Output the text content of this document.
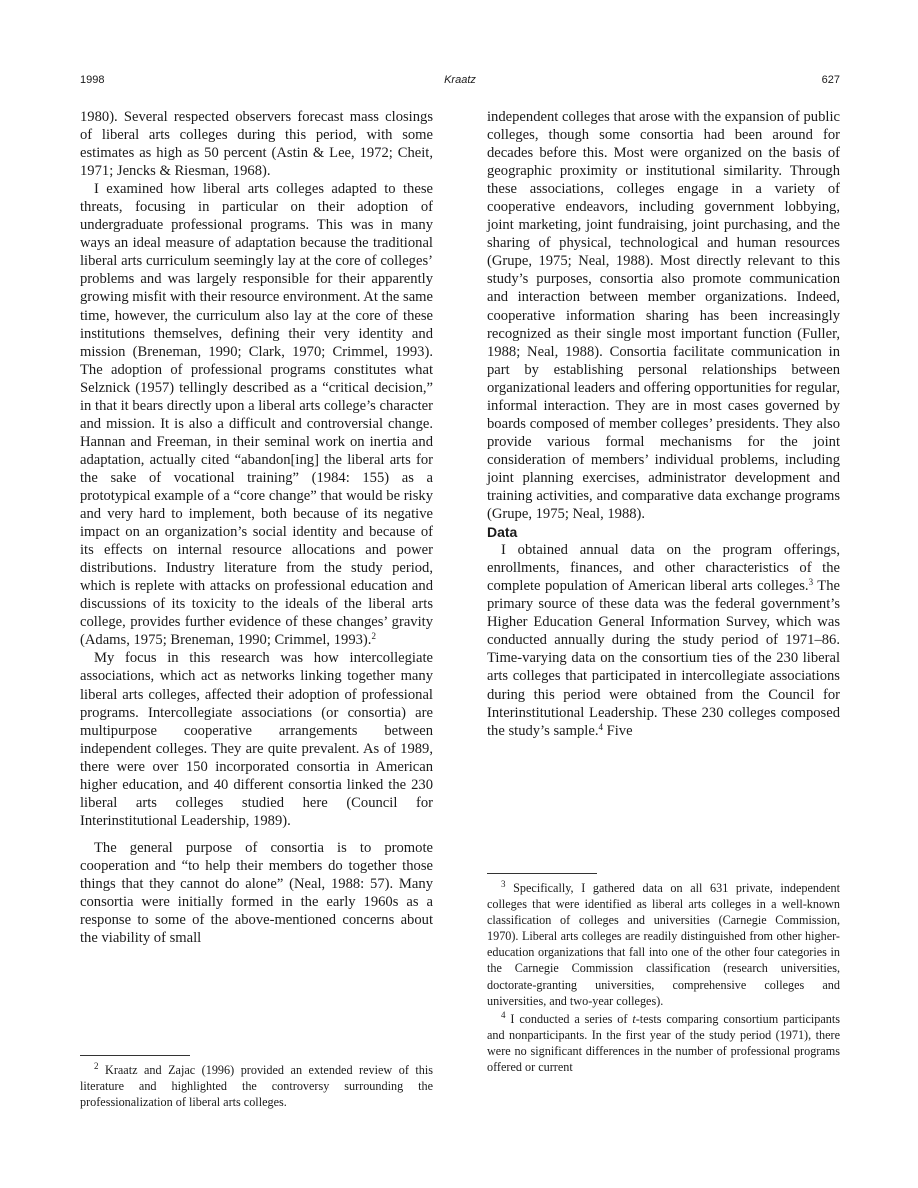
1998	Kraatz	627

1980). Several respected observers forecast mass closings of liberal arts colleges during this period, with some estimates as high as 50 percent (Astin & Lee, 1972; Cheit, 1971; Jencks & Riesman, 1968).

I examined how liberal arts colleges adapted to these threats, focusing in particular on their adoption of undergraduate professional programs. This was in many ways an ideal measure of adaptation because the traditional liberal arts curriculum seemingly lay at the core of colleges’ problems and was largely responsible for their apparently growing misfit with their resource environment. At the same time, however, the curriculum also lay at the core of these institutions themselves, defining their very identity and mission (Breneman, 1990; Clark, 1970; Crimmel, 1993). The adoption of professional programs constitutes what Selznick (1957) tellingly described as a “critical decision,” in that it bears directly upon a liberal arts college’s character and mission. It is also a difficult and controversial change. Hannan and Freeman, in their seminal work on inertia and adaptation, actually cited “abandon[ing] the liberal arts for the sake of vocational training” (1984: 155) as a prototypical example of a “core change” that would be risky and very hard to implement, both because of its negative impact on an organization’s social identity and because of its effects on internal resource allocations and power distributions. Industry literature from the study period, which is replete with attacks on professional education and discussions of its toxicity to the ideals of the liberal arts college, provides further evidence of these changes’ gravity (Adams, 1975; Breneman, 1990; Crimmel, 1993).$^2$

My focus in this research was how intercollegiate associations, which act as networks linking together many liberal arts colleges, affected their adoption of professional programs. Intercollegiate associations (or consortia) are multipurpose cooperative arrangements between independent colleges. They are quite prevalent. As of 1989, there were over 150 incorporated consortia in American higher education, and 40 different consortia linked the 230 liberal arts colleges studied here (Council for Interinstitutional Leadership, 1989).

The general purpose of consortia is to promote cooperation and “to help their members do together those things that they cannot do alone” (Neal, 1988: 57). Many consortia were initially formed in the early 1960s as a response to some of the above-mentioned concerns about the viability of small

independent colleges that arose with the expansion of public colleges, though some consortia had been around for decades before this. Most were organized on the basis of geographic proximity or institutional similarity. Through these associations, colleges engage in a variety of cooperative endeavors, including government lobbying, joint marketing, joint fundraising, joint purchasing, and the sharing of physical, technological and human resources (Grupe, 1975; Neal, 1988). Most directly relevant to this study’s purposes, consortia also promote communication and interaction between member organizations. Indeed, cooperative information sharing has been increasingly recognized as their single most important function (Fuller, 1988; Neal, 1988). Consortia facilitate communication in part by establishing personal relationships between organizational leaders and offering opportunities for regular, informal interaction. They are in most cases governed by boards composed of member colleges’ presidents. They also provide various formal mechanisms for the joint consideration of members’ individual problems, including joint planning exercises, administrator development and training activities, and comparative data exchange programs (Grupe, 1975; Neal, 1988).

Data

I obtained annual data on the program offerings, enrollments, finances, and other characteristics of the complete population of American liberal arts colleges.$^3$ The primary source of these data was the federal government’s Higher Education General Information Survey, which was conducted annually during the study period of 1971–86. Time-varying data on the consortium ties of the 230 liberal arts colleges that participated in intercollegiate associations during this period were obtained from the Council for Interinstitutional Leadership. These 230 colleges composed the study’s sample.$^4$ Five

$^2$ Kraatz and Zajac (1996) provided an extended review of this literature and highlighted the controversy surrounding the professionalization of liberal arts colleges.

$^3$ Specifically, I gathered data on all 631 private, independent colleges that were identified as liberal arts colleges in a well-known classification of colleges and universities (Carnegie Commission, 1970). Liberal arts colleges are readily distinguished from other higher-education organizations that fall into one of the other four categories in the Carnegie Commission classification (research universities, doctorate-granting universities, comprehensive colleges and universities, and two-year colleges).

$^4$ I conducted a series of t-tests comparing consortium participants and nonparticipants. In the first year of the study period (1971), there were no significant differences in the number of professional programs offered or current
